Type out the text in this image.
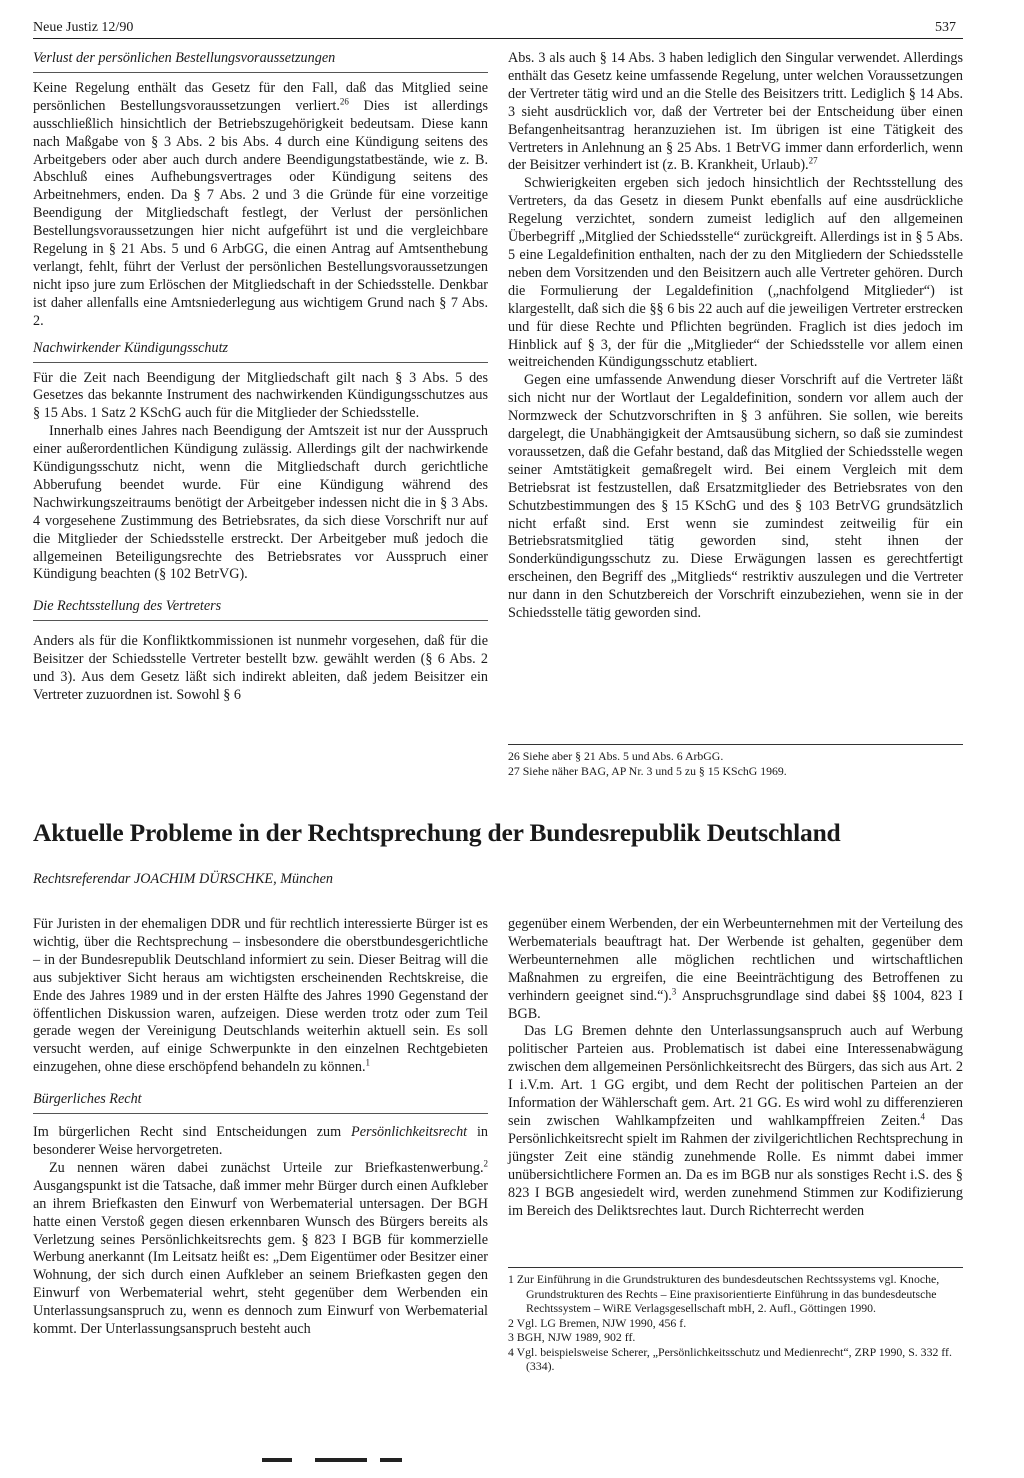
Neue Justiz 12/90	537
Verlust der persönlichen Bestellungsvoraussetzungen

Keine Regelung enthält das Gesetz für den Fall, daß das Mitglied seine persönlichen Bestellungsvoraussetzungen verliert.$^{26}$ Dies ist allerdings ausschließlich hinsichtlich der Betriebszugehörigkeit bedeutsam. Diese kann nach Maßgabe von § 3 Abs. 2 bis Abs. 4 durch eine Kündigung seitens des Arbeitgebers oder aber auch durch andere Beendigungstatbestände, wie z. B. Abschluß eines Aufhebungsvertrages oder Kündigung seitens des Arbeitnehmers, enden. Da § 7 Abs. 2 und 3 die Gründe für eine vorzeitige Beendigung der Mitgliedschaft festlegt, der Verlust der persönlichen Bestellungsvoraussetzungen hier nicht aufgeführt ist und die vergleichbare Regelung in § 21 Abs. 5 und 6 ArbGG, die einen Antrag auf Amtsenthebung verlangt, fehlt, führt der Verlust der persönlichen Bestellungsvoraussetzungen nicht ipso jure zum Erlöschen der Mitgliedschaft in der Schiedsstelle. Denkbar ist daher allenfalls eine Amtsniederlegung aus wichtigem Grund nach § 7 Abs. 2.

Nachwirkender Kündigungsschutz

Für die Zeit nach Beendigung der Mitgliedschaft gilt nach § 3 Abs. 5 des Gesetzes das bekannte Instrument des nachwirkenden Kündigungsschutzes aus § 15 Abs. 1 Satz 2 KSchG auch für die Mitglieder der Schiedsstelle.

Innerhalb eines Jahres nach Beendigung der Amtszeit ist nur der Ausspruch einer außerordentlichen Kündigung zulässig. Allerdings gilt der nachwirkende Kündigungsschutz nicht, wenn die Mitgliedschaft durch gerichtliche Abberufung beendet wurde. Für eine Kündigung während des Nachwirkungszeitraums benötigt der Arbeitgeber indessen nicht die in § 3 Abs. 4 vorgesehene Zustimmung des Betriebsrates, da sich diese Vorschrift nur auf die Mitglieder der Schiedsstelle erstreckt. Der Arbeitgeber muß jedoch die allgemeinen Beteiligungsrechte des Betriebsrates vor Ausspruch einer Kündigung beachten (§ 102 BetrVG).

Die Rechtsstellung des Vertreters

Anders als für die Konfliktkommissionen ist nunmehr vorgesehen, daß für die Beisitzer der Schiedsstelle Vertreter bestellt bzw. gewählt werden (§ 6 Abs. 2 und 3). Aus dem Gesetz läßt sich indirekt ableiten, daß jedem Beisitzer ein Vertreter zuzuordnen ist. Sowohl § 6

Abs. 3 als auch § 14 Abs. 3 haben lediglich den Singular verwendet. Allerdings enthält das Gesetz keine umfassende Regelung, unter welchen Voraussetzungen der Vertreter tätig wird und an die Stelle des Beisitzers tritt. Lediglich § 14 Abs. 3 sieht ausdrücklich vor, daß der Vertreter bei der Entscheidung über einen Befangenheitsantrag heranzuziehen ist. Im übrigen ist eine Tätigkeit des Vertreters in Anlehnung an § 25 Abs. 1 BetrVG immer dann erforderlich, wenn der Beisitzer verhindert ist (z. B. Krankheit, Urlaub).$^{27}$

Schwierigkeiten ergeben sich jedoch hinsichtlich der Rechtsstellung des Vertreters, da das Gesetz in diesem Punkt ebenfalls auf eine ausdrückliche Regelung verzichtet, sondern zumeist lediglich auf den allgemeinen Überbegriff „Mitglied der Schiedsstelle“ zurückgreift. Allerdings ist in § 5 Abs. 5 eine Legaldefinition enthalten, nach der zu den Mitgliedern der Schiedsstelle neben dem Vorsitzenden und den Beisitzern auch alle Vertreter gehören. Durch die Formulierung der Legaldefinition („nachfolgend Mitglieder“) ist klargestellt, daß sich die §§ 6 bis 22 auch auf die jeweiligen Vertreter erstrecken und für diese Rechte und Pflichten begründen. Fraglich ist dies jedoch im Hinblick auf § 3, der für die „Mitglieder“ der Schiedsstelle vor allem einen weitreichenden Kündigungsschutz etabliert.

Gegen eine umfassende Anwendung dieser Vorschrift auf die Vertreter läßt sich nicht nur der Wortlaut der Legaldefinition, sondern vor allem auch der Normzweck der Schutzvorschriften in § 3 anführen. Sie sollen, wie bereits dargelegt, die Unabhängigkeit der Amtsausübung sichern, so daß sie zumindest voraussetzen, daß die Gefahr bestand, daß das Mitglied der Schiedsstelle wegen seiner Amtstätigkeit gemaßregelt wird. Bei einem Vergleich mit dem Betriebsrat ist festzustellen, daß Ersatzmitglieder des Betriebsrates von den Schutzbestimmungen des § 15 KSchG und des § 103 BetrVG grundsätzlich nicht erfaßt sind. Erst wenn sie zumindest zeitweilig für ein Betriebsratsmitglied tätig geworden sind, steht ihnen der Sonderkündigungsschutz zu. Diese Erwägungen lassen es gerechtfertigt erscheinen, den Begriff des „Mitglieds“ restriktiv auszulegen und die Vertreter nur dann in den Schutzbereich der Vorschrift einzubeziehen, wenn sie in der Schiedsstelle tätig geworden sind.

26 Siehe aber § 21 Abs. 5 und Abs. 6 ArbGG.
27 Siehe näher BAG, AP Nr. 3 und 5 zu § 15 KSchG 1969.
Aktuelle Probleme in der Rechtsprechung der Bundesrepublik Deutschland
Rechtsreferendar JOACHIM DÜRSCHKE, München

Für Juristen in der ehemaligen DDR und für rechtlich interessierte Bürger ist es wichtig, über die Rechtsprechung – insbesondere die oberstbundesgerichtliche – in der Bundesrepublik Deutschland informiert zu sein. Dieser Beitrag will die aus subjektiver Sicht heraus am wichtigsten erscheinenden Rechtskreise, die Ende des Jahres 1989 und in der ersten Hälfte des Jahres 1990 Gegenstand der öffentlichen Diskussion waren, aufzeigen. Diese werden trotz oder zum Teil gerade wegen der Vereinigung Deutschlands weiterhin aktuell sein. Es soll versucht werden, auf einige Schwerpunkte in den einzelnen Rechtgebieten einzugehen, ohne diese erschöpfend behandeln zu können.$^1$

Bürgerliches Recht

Im bürgerlichen Recht sind Entscheidungen zum Persönlichkeitsrecht in besonderer Weise hervorgetreten.

Zu nennen wären dabei zunächst Urteile zur Briefkastenwerbung.$^2$ Ausgangspunkt ist die Tatsache, daß immer mehr Bürger durch einen Aufkleber an ihrem Briefkasten den Einwurf von Werbematerial untersagen. Der BGH hatte einen Verstoß gegen diesen erkennbaren Wunsch des Bürgers bereits als Verletzung seines Persönlichkeitsrechts gem. § 823 I BGB für kommerzielle Werbung anerkannt (Im Leitsatz heißt es: „Dem Eigentümer oder Besitzer einer Wohnung, der sich durch einen Aufkleber an seinem Briefkasten gegen den Einwurf von Werbematerial wehrt, steht gegenüber dem Werbenden ein Unterlassungsanspruch zu, wenn es dennoch zum Einwurf von Werbematerial kommt. Der Unterlassungsanspruch besteht auch

gegenüber einem Werbenden, der ein Werbeunternehmen mit der Verteilung des Werbematerials beauftragt hat. Der Werbende ist gehalten, gegenüber dem Werbeunternehmen alle möglichen rechtlichen und wirtschaftlichen Maßnahmen zu ergreifen, die eine Beeinträchtigung des Betroffenen zu verhindern geeignet sind.“).$^3$ Anspruchsgrundlage sind dabei §§ 1004, 823 I BGB.

Das LG Bremen dehnte den Unterlassungsanspruch auch auf Werbung politischer Parteien aus. Problematisch ist dabei eine Interessenabwägung zwischen dem allgemeinen Persönlichkeitsrecht des Bürgers, das sich aus Art. 2 I i.V.m. Art. 1 GG ergibt, und dem Recht der politischen Parteien an der Information der Wählerschaft gem. Art. 21 GG. Es wird wohl zu differenzieren sein zwischen Wahlkampfzeiten und wahlkampffreien Zeiten.$^4$ Das Persönlichkeitsrecht spielt im Rahmen der zivilgerichtlichen Rechtsprechung in jüngster Zeit eine ständig zunehmende Rolle. Es nimmt dabei immer unübersichtlichere Formen an. Da es im BGB nur als sonstiges Recht i.S. des § 823 I BGB angesiedelt wird, werden zunehmend Stimmen zur Kodifizierung im Bereich des Deliktsrechtes laut. Durch Richterrecht werden

1 Zur Einführung in die Grundstrukturen des bundesdeutschen Rechtssystems vgl. Knoche, Grundstrukturen des Rechts – Eine praxisorientierte Einführung in das bundesdeutsche Rechtssystem – WiRE Verlagsgesellschaft mbH, 2. Aufl., Göttingen 1990.
2 Vgl. LG Bremen, NJW 1990, 456 f.
3 BGH, NJW 1989, 902 ff.
4 Vgl. beispielsweise Scherer, „Persönlichkeitsschutz und Medienrecht“, ZRP 1990, S. 332 ff. (334).
